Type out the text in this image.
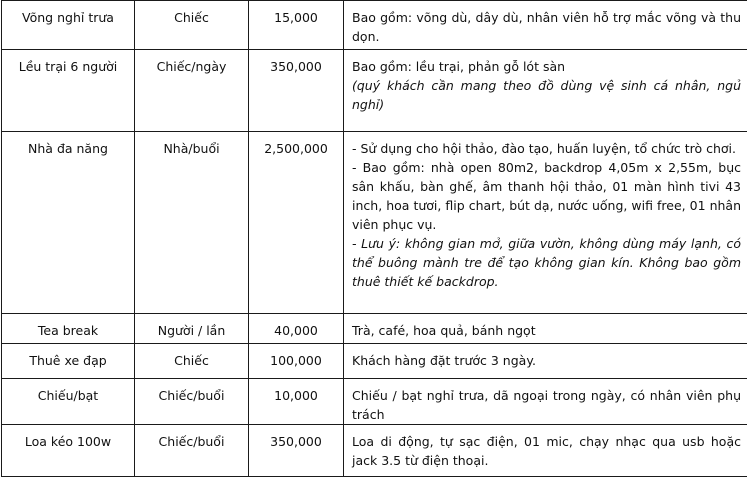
Võng nghỉ trưa	Chiếc	15,000	Bao gồm: võng dù, dây dù, nhân viên hỗ trợ mắc võng và thu dọn.

Lều trại 6 người	Chiếc/ngày	350,000	Bao gồm: lều trại, phản gỗ lót sàn
(quý khách cần mang theo đồ dùng vệ sinh cá nhân, ngủ nghỉ)

Nhà đa năng	Nhà/buổi	2,500,000	- Sử dụng cho hội thảo, đào tạo, huấn luyện, tổ chức trò chơi.
- Bao gồm: nhà open 80m2, backdrop 4,05m x 2,55m, bục sân khấu, bàn ghế, âm thanh hội thảo, 01 màn hình tivi 43 inch, hoa tươi, flip chart, bút dạ, nước uống, wifi free, 01 nhân viên phục vụ.
- Lưu ý: không gian mở, giữa vườn, không dùng máy lạnh, có thể buông mành tre để tạo không gian kín. Không bao gồm thuê thiết kế backdrop.

Tea break	Người / lần	40,000	Trà, café, hoa quả, bánh ngọt

Thuê xe đạp	Chiếc	100,000	Khách hàng đặt trước 3 ngày.

Chiếu/bạt	Chiếc/buổi	10,000	Chiếu / bạt nghỉ trưa, dã ngoại trong ngày, có nhân viên phụ trách

Loa kéo 100w	Chiếc/buổi	350,000	Loa di động, tự sạc điện, 01 mic, chạy nhạc qua usb hoặc jack 3.5 từ điện thoại.
